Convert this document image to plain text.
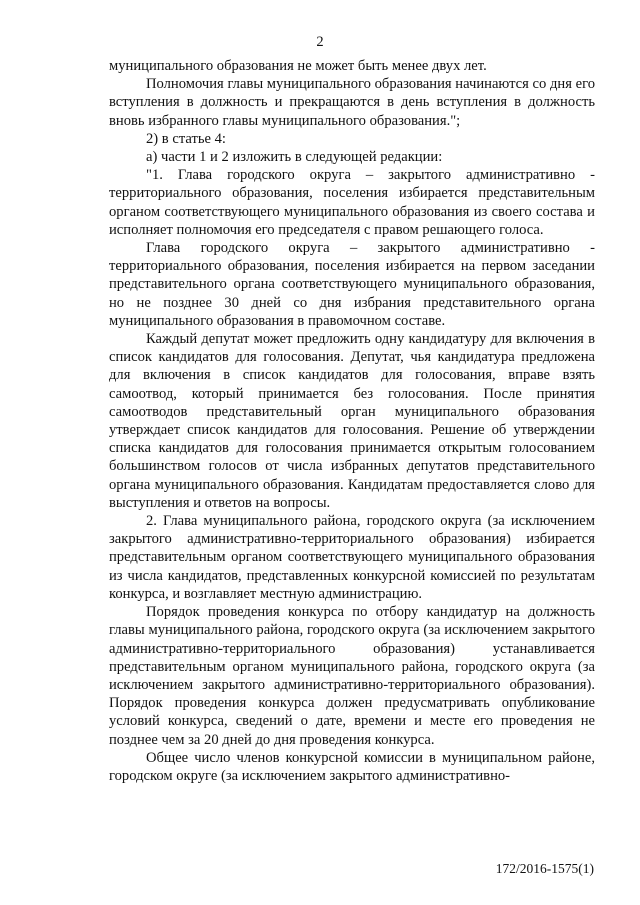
2

муниципального образования не может быть менее двух лет.

Полномочия главы муниципального образования начинаются со дня его вступления в должность и прекращаются в день вступления в должность вновь избранного главы муниципального образования.";

2) в статье 4:

а) части 1 и 2 изложить в следующей редакции:

"1. Глава городского округа – закрытого административно - территориального образования, поселения избирается представительным органом соответствующего муниципального образования из своего состава и исполняет полномочия его председателя с правом решающего голоса.

Глава городского округа – закрытого административно - территориального образования, поселения избирается на первом заседании представительного органа соответствующего муниципального образования, но не позднее 30 дней со дня избрания представительного органа муниципального образования в правомочном составе.

Каждый депутат может предложить одну кандидатуру для включения в список кандидатов для голосования. Депутат, чья кандидатура предложена для включения в список кандидатов для голосования, вправе взять самоотвод, который принимается без голосования. После принятия самоотводов представительный орган муниципального образования утверждает список кандидатов для голосования. Решение об утверждении списка кандидатов для голосования принимается открытым голосованием большинством голосов от числа избранных депутатов представительного органа муниципального образования. Кандидатам предоставляется слово для выступления и ответов на вопросы.

2. Глава муниципального района, городского округа (за исключением закрытого административно-территориального образования) избирается представительным органом соответствующего муниципального образования из числа кандидатов, представленных конкурсной комиссией по результатам конкурса, и возглавляет местную администрацию.

Порядок проведения конкурса по отбору кандидатур на должность главы муниципального района, городского округа (за исключением закрытого административно-территориального образования) устанавливается представительным органом муниципального района, городского округа (за исключением закрытого административно-территориального образования). Порядок проведения конкурса должен предусматривать опубликование условий конкурса, сведений о дате, времени и месте его проведения не позднее чем за 20 дней до дня проведения конкурса.

Общее число членов конкурсной комиссии в муниципальном районе, городском округе (за исключением закрытого административно-

172/2016-1575(1)
